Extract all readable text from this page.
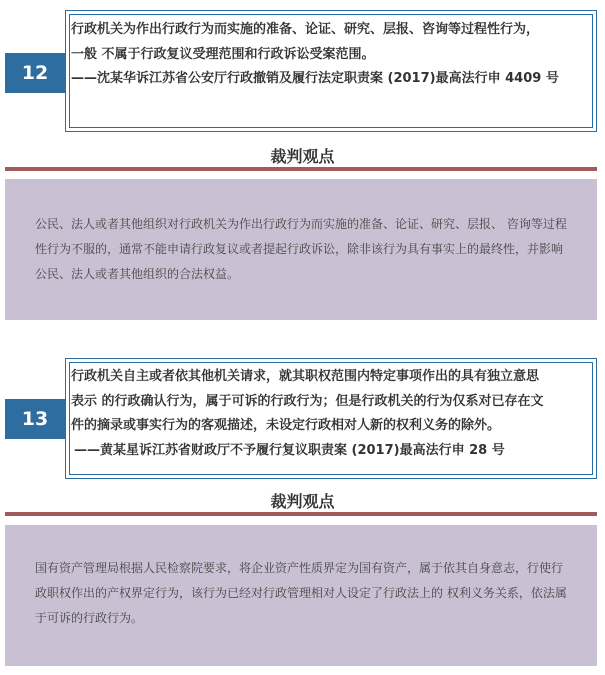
12

行政机关为作出行政行为而实施的准备、论证、研究、层报、咨询等过程性行为，

一般 不属于行政复议受理范围和行政诉讼受案范围。

——沈某华诉江苏省公安厅行政撤销及履行法定职责案 (2017)最高法行申 4409 号

裁判观点
公民、法人或者其他组织对行政机关为作出行政行为而实施的准备、论证、研究、层报、 咨询等过程性行为不服的，通常不能申请行政复议或者提起行政诉讼，除非该行为具有事实上的最终性，并影响公民、法人或者其他组织的合法权益。
13

行政机关自主或者依其他机关请求，就其职权范围内特定事项作出的具有独立意思

表示 的行政确认行为，属于可诉的行政行为；但是行政机关的行为仅系对已存在文

件的摘录或事实行为的客观描述，未设定行政相对人新的权利义务的除外。

——黄某星诉江苏省财政厅不予履行复议职责案 (2017)最高法行申 28 号

裁判观点
国有资产管理局根据人民检察院要求，将企业资产性质界定为国有资产，属于依其自身意志，行使行政职权作出的产权界定行为，该行为已经对行政管理相对人设定了行政法上的 权利义务关系，依法属于可诉的行政行为。
